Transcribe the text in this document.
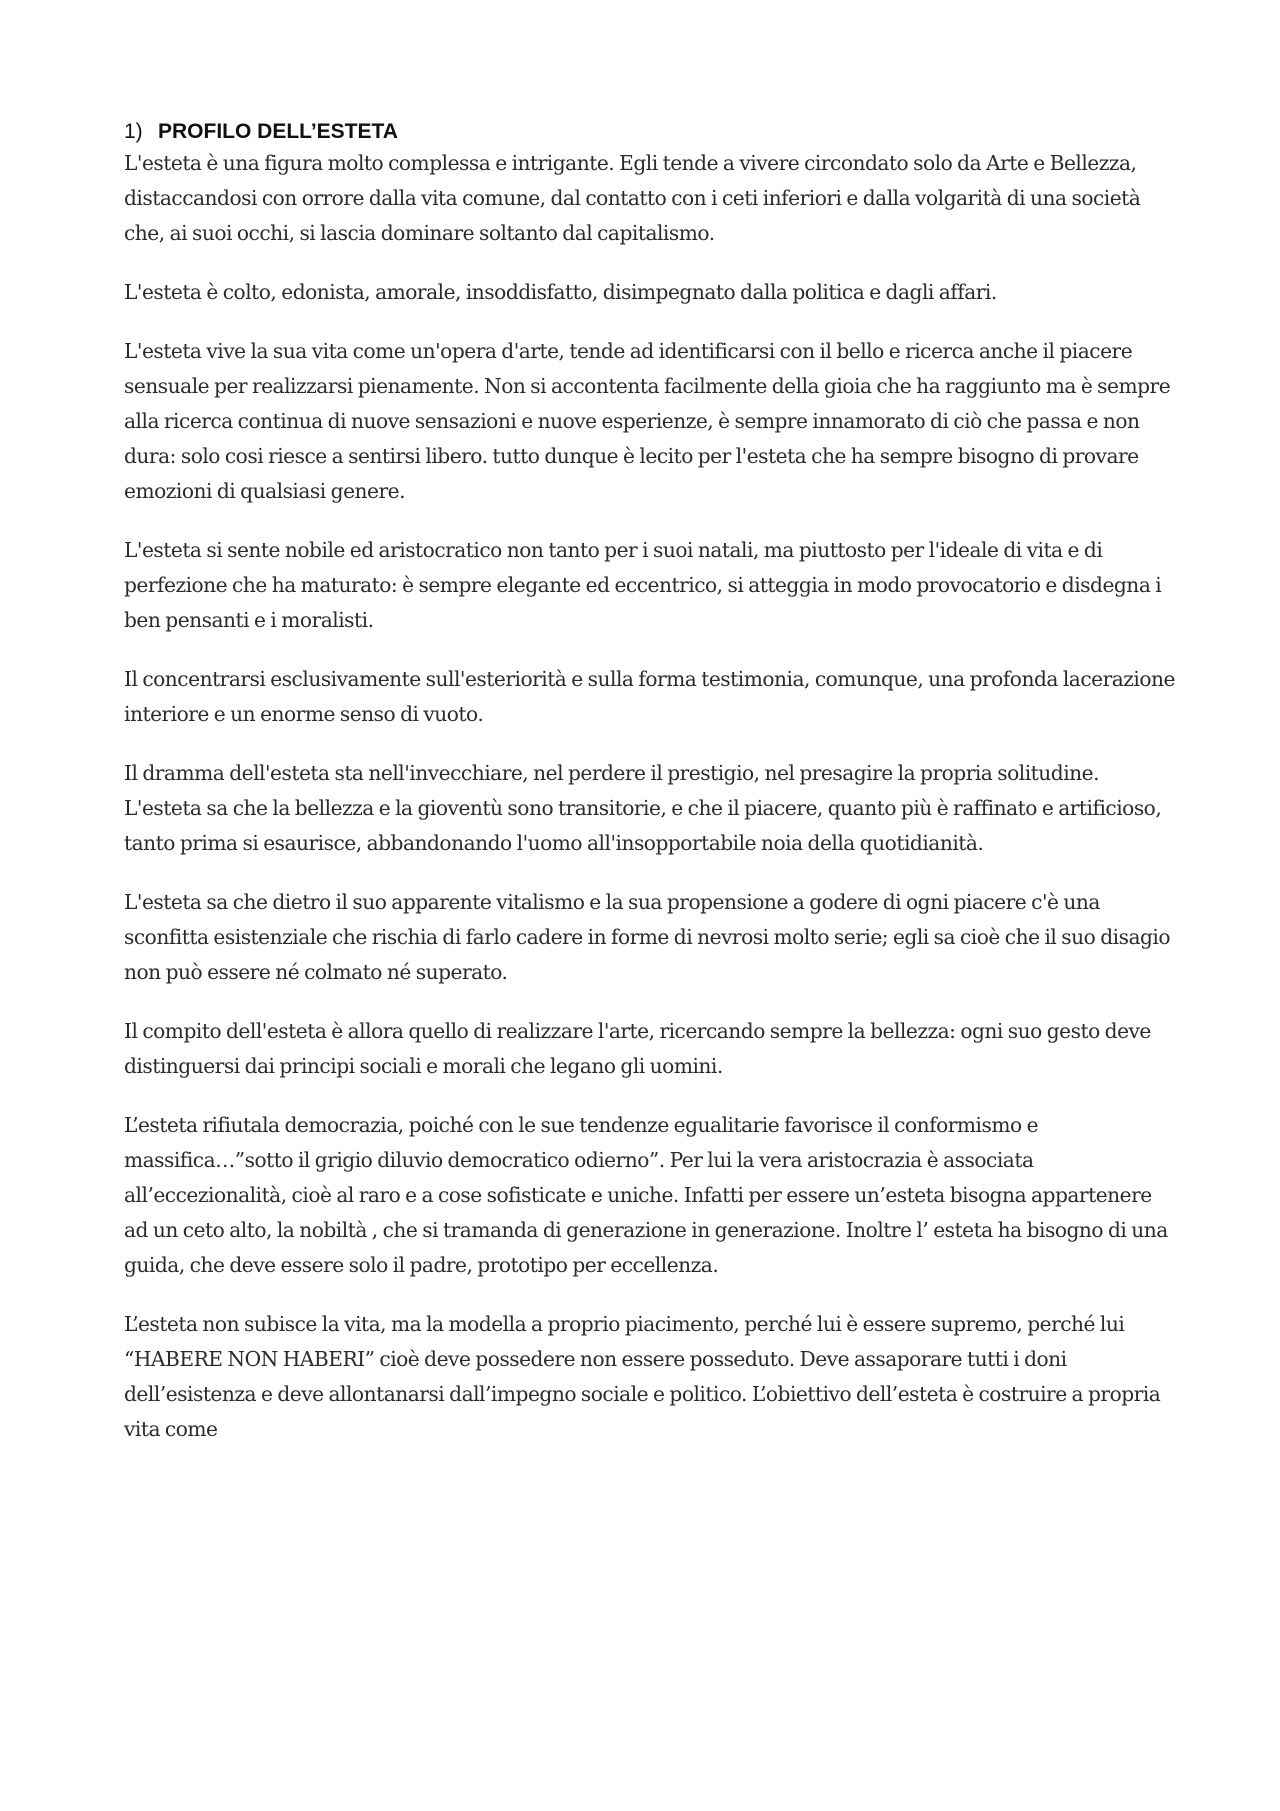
1) PROFILO DELL’ESTETA

L'esteta è una figura molto complessa e intrigante. Egli tende a vivere circondato solo da Arte e Bellezza, distaccandosi con orrore dalla vita comune, dal contatto con i ceti inferiori e dalla volgarità di una società che, ai suoi occhi, si lascia dominare soltanto dal capitalismo.

L'esteta è colto, edonista, amorale, insoddisfatto, disimpegnato dalla politica e dagli affari.

L'esteta vive la sua vita come un'opera d'arte, tende ad identificarsi con il bello e ricerca anche il piacere sensuale per realizzarsi pienamente. Non si accontenta facilmente della gioia che ha raggiunto ma è sempre alla ricerca continua di nuove sensazioni e nuove esperienze, è sempre innamorato di ciò che passa e non dura: solo cosi riesce a sentirsi libero. tutto dunque è lecito per l'esteta che ha sempre bisogno di provare emozioni di qualsiasi genere.

L'esteta si sente nobile ed aristocratico non tanto per i suoi natali, ma piuttosto per l'ideale di vita e di perfezione che ha maturato: è sempre elegante ed eccentrico, si atteggia in modo provocatorio e disdegna i ben pensanti e i moralisti.

Il concentrarsi esclusivamente sull'esteriorità e sulla forma testimonia, comunque, una profonda lacerazione interiore e un enorme senso di vuoto.

Il dramma dell'esteta sta nell'invecchiare, nel perdere il prestigio, nel presagire la propria solitudine. L'esteta sa che la bellezza e la gioventù sono transitorie, e che il piacere, quanto più è raffinato e artificioso, tanto prima si esaurisce, abbandonando l'uomo all'insopportabile noia della quotidianità.

L'esteta sa che dietro il suo apparente vitalismo e la sua propensione a godere di ogni piacere c'è una sconfitta esistenziale che rischia di farlo cadere in forme di nevrosi molto serie; egli sa cioè che il suo disagio non può essere né colmato né superato.

Il compito dell'esteta è allora quello di realizzare l'arte, ricercando sempre la bellezza: ogni suo gesto deve distinguersi dai principi sociali e morali che legano gli uomini.

L’esteta rifiutala democrazia, poiché con le sue tendenze egualitarie favorisce il conformismo e massifica…”sotto il grigio diluvio democratico odierno”. Per lui la vera aristocrazia è associata all’eccezionalità, cioè al raro e a cose sofisticate e uniche. Infatti per essere un’esteta bisogna appartenere ad un ceto alto, la nobiltà , che si tramanda di generazione in generazione. Inoltre l’ esteta ha bisogno di una guida, che deve essere solo il padre, prototipo per eccellenza.

L’esteta non subisce la vita, ma la modella a proprio piacimento, perché lui è essere supremo, perché lui “HABERE NON HABERI” cioè deve possedere non essere posseduto. Deve assaporare tutti i doni dell’esistenza e deve allontanarsi dall’impegno sociale e politico. L’obiettivo dell’esteta è costruire a propria vita come
